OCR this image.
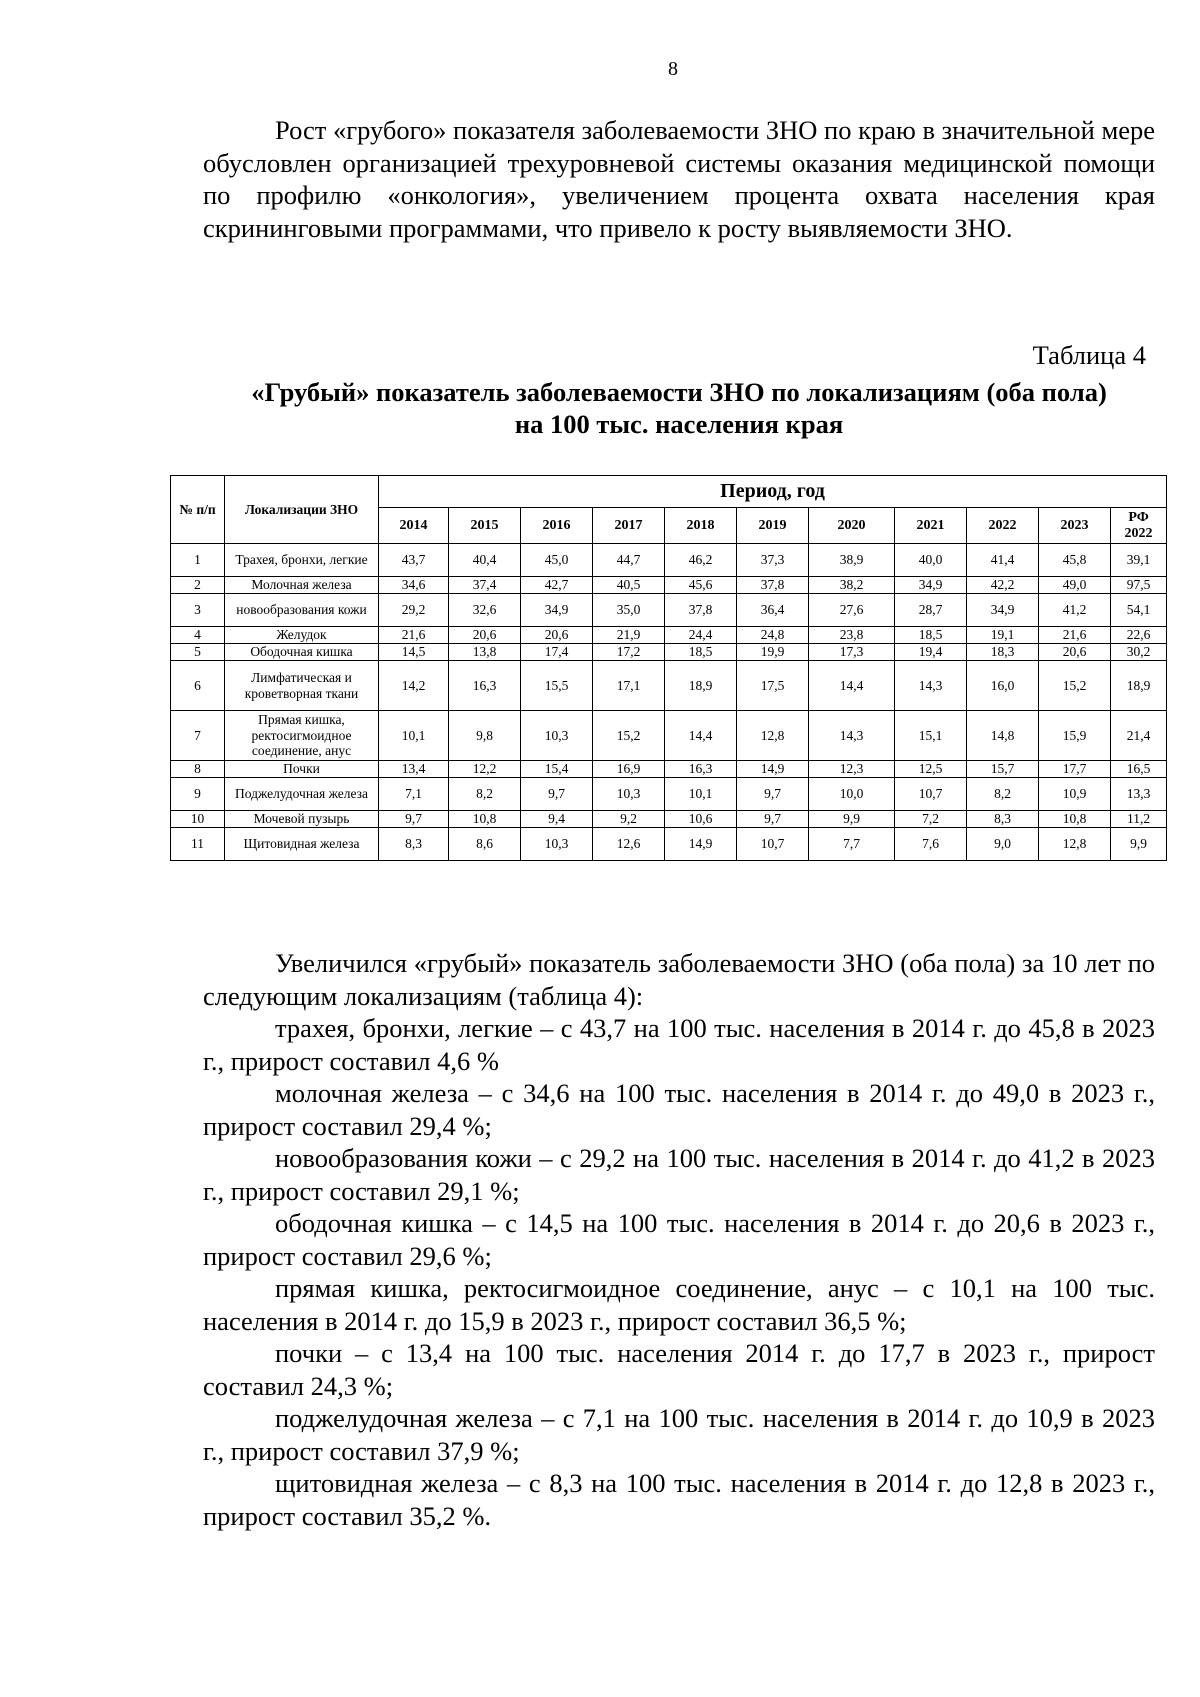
8

Рост «грубого» показателя заболеваемости ЗНО по краю в значительной мере обусловлен организацией трехуровневой системы оказания медицинской помощи по профилю «онкология», увеличением процента охвата населения края скрининговыми программами, что привело к росту выявляемости ЗНО.

Таблица 4
«Грубый» показатель заболеваемости ЗНО по локализациям (оба пола)
на 100 тыс. населения края
№ п/п	Локализации ЗНО	Период, год										
		2014	2015	2016	2017	2018	2019	2020	2021	2022	2023	РФ 2022
1	Трахея, бронхи, легкие	43,7	40,4	45,0	44,7	46,2	37,3	38,9	40,0	41,4	45,8	39,1
2	Молочная железа	34,6	37,4	42,7	40,5	45,6	37,8	38,2	34,9	42,2	49,0	97,5
3	новообразования кожи	29,2	32,6	34,9	35,0	37,8	36,4	27,6	28,7	34,9	41,2	54,1
4	Желудок	21,6	20,6	20,6	21,9	24,4	24,8	23,8	18,5	19,1	21,6	22,6
5	Ободочная кишка	14,5	13,8	17,4	17,2	18,5	19,9	17,3	19,4	18,3	20,6	30,2
6	Лимфатическая и кроветворная ткани	14,2	16,3	15,5	17,1	18,9	17,5	14,4	14,3	16,0	15,2	18,9
7	Прямая кишка, ректосигмоидное соединение, анус	10,1	9,8	10,3	15,2	14,4	12,8	14,3	15,1	14,8	15,9	21,4
8	Почки	13,4	12,2	15,4	16,9	16,3	14,9	12,3	12,5	15,7	17,7	16,5
9	Поджелудочная железа	7,1	8,2	9,7	10,3	10,1	9,7	10,0	10,7	8,2	10,9	13,3
10	Мочевой пузырь	9,7	10,8	9,4	9,2	10,6	9,7	9,9	7,2	8,3	10,8	11,2
11	Щитовидная железа	8,3	8,6	10,3	12,6	14,9	10,7	7,7	7,6	9,0	12,8	9,9

Увеличился «грубый» показатель заболеваемости ЗНО (оба пола) за 10 лет по следующим локализациям (таблица 4):

трахея, бронхи, легкие – с 43,7 на 100 тыс. населения в 2014 г. до 45,8 в 2023 г., прирост составил 4,6 %

молочная железа – с 34,6 на 100 тыс. населения в 2014 г. до 49,0 в 2023 г., прирост составил 29,4 %;

новообразования кожи – с 29,2 на 100 тыс. населения в 2014 г. до 41,2 в 2023 г., прирост составил 29,1 %;

ободочная кишка – с 14,5 на 100 тыс. населения в 2014 г. до 20,6 в 2023 г., прирост составил 29,6 %;

прямая кишка, ректосигмоидное соединение, анус – с 10,1 на 100 тыс. населения в 2014 г. до 15,9 в 2023 г., прирост составил 36,5 %;

почки – с 13,4 на 100 тыс. населения 2014 г. до 17,7 в 2023 г., прирост составил 24,3 %;

поджелудочная железа – с 7,1 на 100 тыс. населения в 2014 г. до 10,9 в 2023 г., прирост составил 37,9 %;

щитовидная железа – с 8,3 на 100 тыс. населения в 2014 г. до 12,8 в 2023 г., прирост составил 35,2 %.
